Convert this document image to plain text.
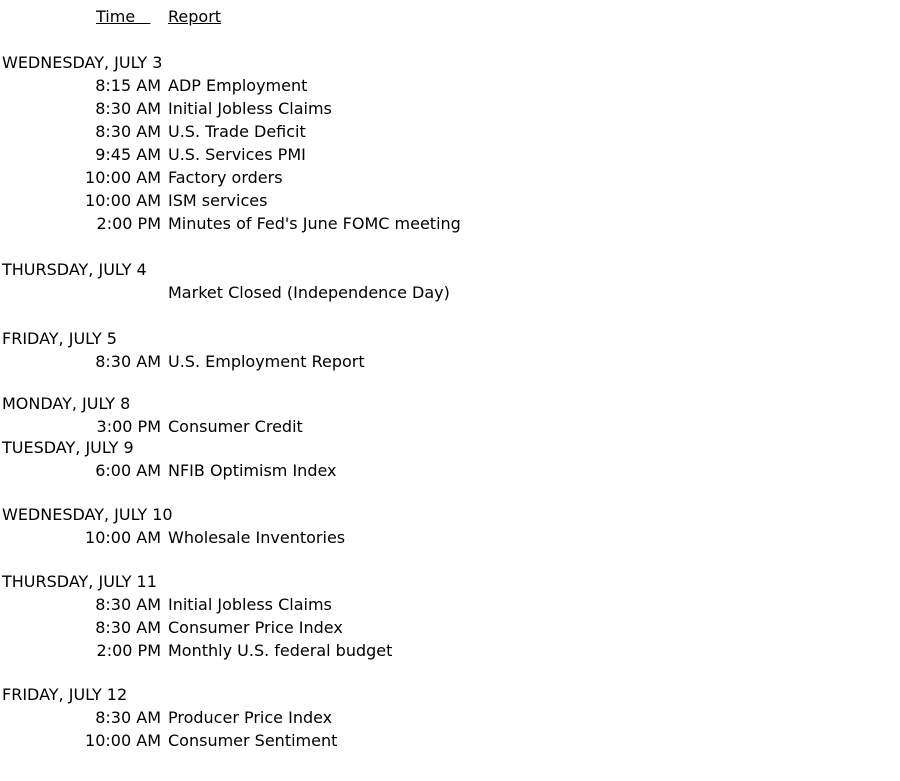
Time	Report
WEDNESDAY, JULY 3
8:15 AM ADP Employment
8:30 AM Initial Jobless Claims
8:30 AM U.S. Trade Deficit
9:45 AM U.S. Services PMI
10:00 AM Factory orders
10:00 AM ISM services
2:00 PM Minutes of Fed's June FOMC meeting
THURSDAY, JULY 4
Market Closed (Independence Day)
FRIDAY, JULY 5
8:30 AM U.S. Employment Report
MONDAY, JULY 8
3:00 PM Consumer Credit
TUESDAY, JULY 9
6:00 AM NFIB Optimism Index
WEDNESDAY, JULY 10
10:00 AM Wholesale Inventories
THURSDAY, JULY 11
8:30 AM Initial Jobless Claims
8:30 AM Consumer Price Index
2:00 PM Monthly U.S. federal budget
FRIDAY, JULY 12
8:30 AM Producer Price Index
10:00 AM Consumer Sentiment
